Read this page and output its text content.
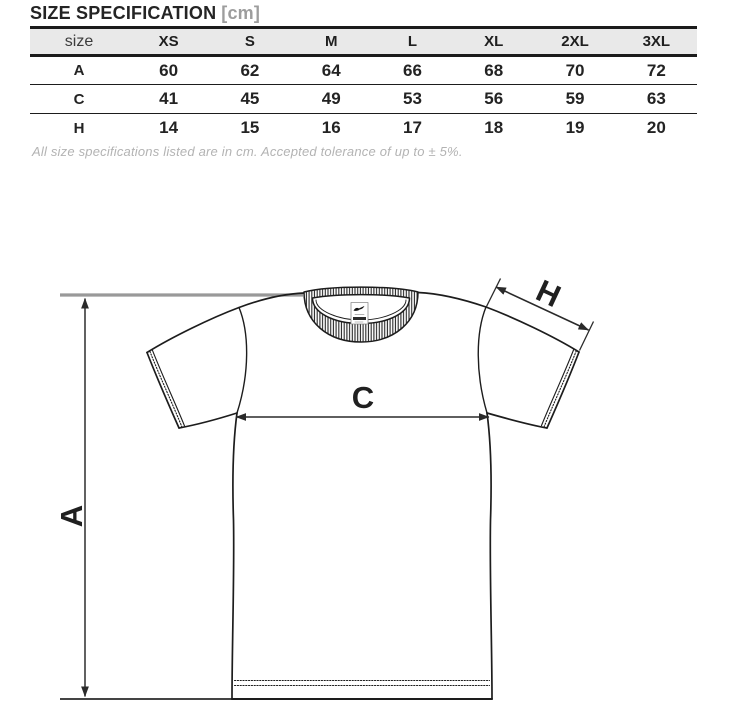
SIZE SPECIFICATION [cm]
size	XS	S	M	L	XL	2XL	3XL
A	60	62	64	66	68	70	72
C	41	45	49	53	56	59	63
H	14	15	16	17	18	19	20
All size specifications listed are in cm. Accepted tolerance of up to ± 5%.
A
C
H
